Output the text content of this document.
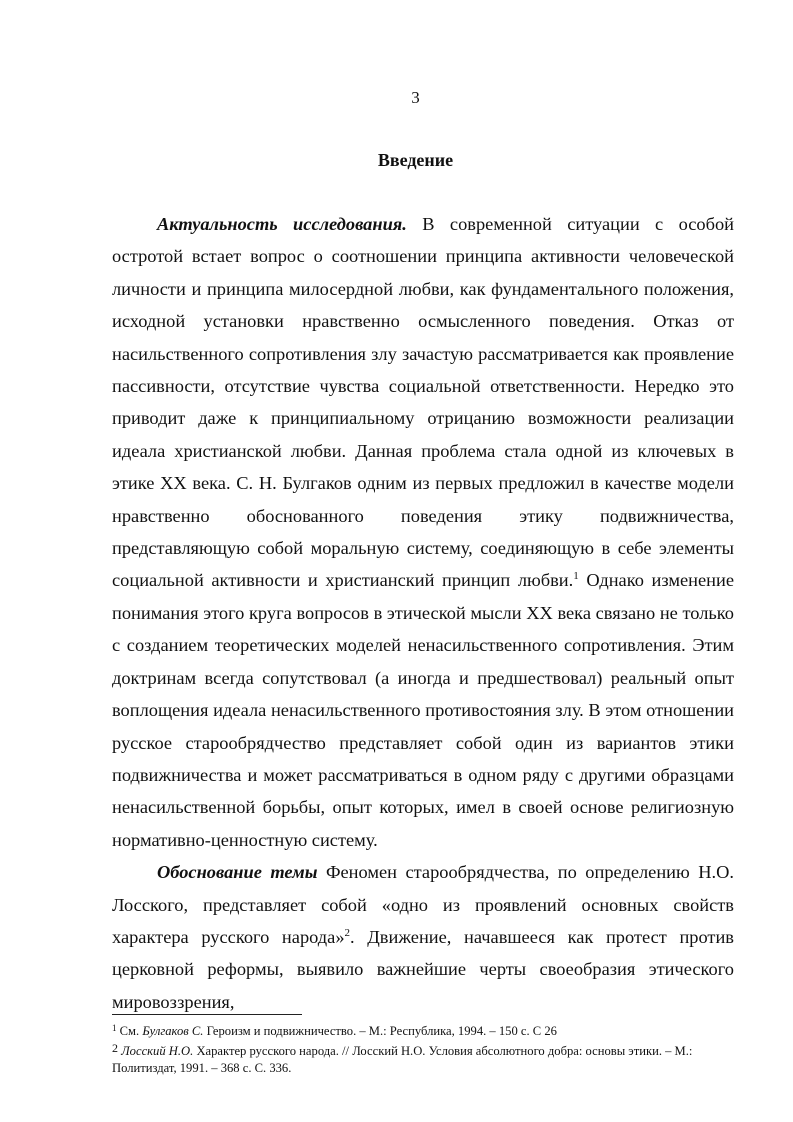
3
Введение

Актуальность исследования. В современной ситуации с особой остротой встает вопрос о соотношении принципа активности человеческой личности и принципа милосердной любви, как фундаментального положения, исходной установки нравственно осмысленного поведения. Отказ от насильственного сопротивления злу зачастую рассматривается как проявление пассивности, отсутствие чувства социальной ответственности. Нередко это приводит даже к принципиальному отрицанию возможности реализации идеала христианской любви. Данная проблема стала одной из ключевых в этике XX века. С. Н. Булгаков одним из первых предложил в качестве модели нравственно обоснованного поведения этику подвижничества, представляющую собой моральную систему, соединяющую в себе элементы социальной активности и христианский принцип любви.$^1$ Однако изменение понимания этого круга вопросов в этической мысли XX века связано не только с созданием теоретических моделей ненасильственного сопротивления. Этим доктринам всегда сопутствовал (а иногда и предшествовал) реальный опыт воплощения идеала ненасильственного противостояния злу. В этом отношении русское старообрядчество представляет собой один из вариантов этики подвижничества и может рассматриваться в одном ряду с другими образцами ненасильственной борьбы, опыт которых, имел в своей основе религиозную нормативно-ценностную систему.

Обоснование темы Феномен старообрядчества, по определению Н.О. Лосского, представляет собой «одно из проявлений основных свойств характера русского народа»$^2$. Движение, начавшееся как протест против церковной реформы, выявило важнейшие черты своеобразия этического мировоззрения,

$^1$ См. Булгаков С. Героизм и подвижничество. – М.: Республика, 1994. – 150 с. С 26

2 Лосский Н.О. Характер русского народа. // Лосский Н.О. Условия абсолютного добра: основы этики. – М.: Политиздат, 1991. – 368 с. С. 336.
